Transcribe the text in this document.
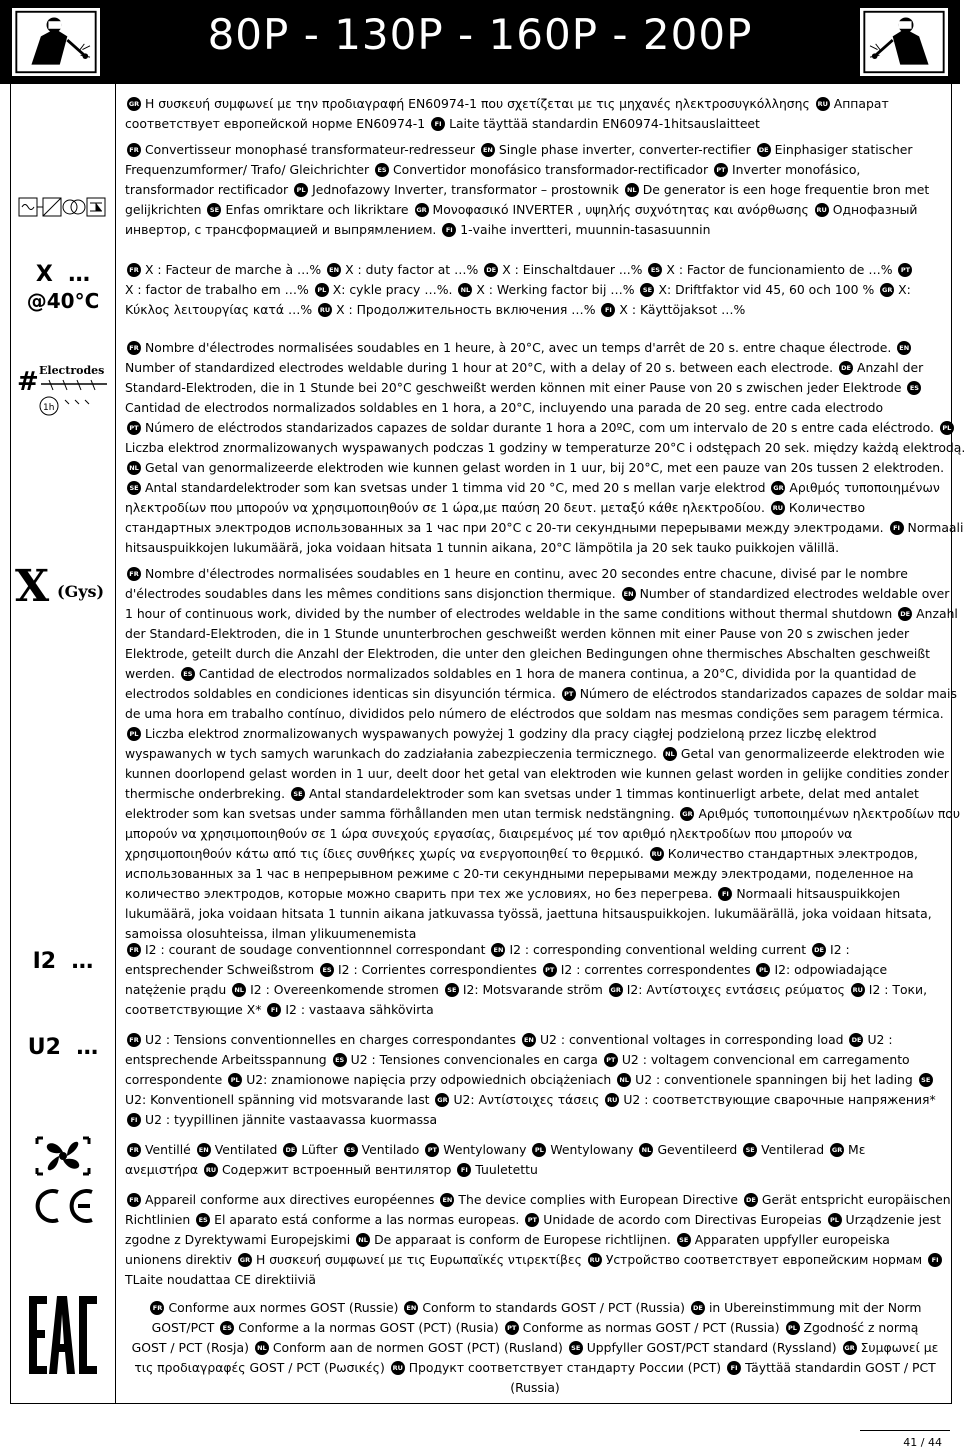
80P - 130P - 160P - 200P
X  …
@40°C
# Electrodes
1h
X (Gys)
I2  …
U2  …
GR Η συσκευή συμφωνεί με την προδιαγραφή EN60974-1 που σχετίζεται με τις μηχανές ηλεκτροσυγκόλλησης RU Аппарат
соответствует европейской норме EN60974-1 FI Laite täyttää standardin EN60974-1hitsauslaitteet
FR Convertisseur monophasé transformateur-redresseur EN Single phase inverter, converter-rectifier DE Einphasiger statischer
Frequenzumformer/ Trafo/ Gleichrichter ES Convertidor monofásico transformador-rectificador PT Inverter monofásico,
transformador rectificador PL Jednofazowy Inverter, transformator – prostownik NL De generator is een hoge frequentie bron met
gelijkrichten SE Enfas omriktare och likriktare GR Μονοφασικό INVERTER , υψηλής συχνότητας και ανόρθωσης RU Однофазный
инвертор, с трансформацией и выпрямлением. FI 1-vaihe invertteri, muunnin-tasasuunnin
FR X : Facteur de marche à …% EN X : duty factor at …% DE X : Einschaltdauer ...% ES X : Factor de funcionamiento de …% PT
X : factor de trabalho em …% PL X: cykle pracy …%. NL X : Werking factor bij …% SE X: Driftfaktor vid 45, 60 och 100 % GR X:
Κύκλος λειτουργίας κατά …% RU X : Продолжительность включения …% FI X : Käyttöjaksot …%
FR Nombre d'électrodes normalisées soudables en 1 heure, à 20°C, avec un temps d'arrêt de 20 s. entre chaque électrode. EN
Number of standardized electrodes weldable during 1 hour at 20°C, with a delay of 20 s. between each electrode. DE Anzahl der
Standard-Elektroden, die in 1 Stunde bei 20°C geschweißt werden können mit einer Pause von 20 s zwischen jeder Elektrode ES
Cantidad de electrodos normalizados soldables en 1 hora, a 20°C, incluyendo una parada de 20 seg. entre cada electrodo
PT Número de eléctrodos standarizados capazes de soldar durante 1 hora a 20ºC, com um intervalo de 20 s entre cada eléctrodo. PL
Liczba elektrod znormalizowanych wyspawanych podczas 1 godziny w temperaturze 20°C i odstępach 20 sek. między każdą elektrodą.
NL Getal van genormalizeerde elektroden wie kunnen gelast worden in 1 uur, bij 20°C, met een pauze van 20s tussen 2 elektroden.
SE Antal standardelektroder som kan svetsas under 1 timma vid 20 °C, med 20 s mellan varje elektrod GR Αριθμός τυποποιημένων
ηλεκτροδίων που μπορούν να χρησιμοποιηθούν σε 1 ώρα,με παύση 20 δευτ. μεταξύ κάθε ηλεκτροδίου. RU Количество
стандартных электродов использованных за 1 час при 20°C с 20-ти секундными перерывами между электродами. FI Normaali
hitsauspuikkojen lukumäärä, joka voidaan hitsata 1 tunnin aikana, 20°C lämpötila ja 20 sek tauko puikkojen välillä.
FR Nombre d'électrodes normalisées soudables en 1 heure en continu, avec 20 secondes entre chacune, divisé par le nombre
d'électrodes soudables dans les mêmes conditions sans disjonction thermique. EN Number of standardized electrodes weldable over
1 hour of continuous work, divided by the number of electrodes weldable in the same conditions without thermal shutdown DE Anzahl
der Standard-Elektroden, die in 1 Stunde ununterbrochen geschweißt werden können mit einer Pause von 20 s zwischen jeder
Elektrode, geteilt durch die Anzahl der Elektroden, die unter den gleichen Bedingungen ohne thermisches Abschalten geschweißt
werden. ES Cantidad de electrodos normalizados soldables en 1 hora de manera continua, a 20°C, dividida por la quantidad de
electrodos soldables en condiciones identicas sin disyunción térmica. PT Número de eléctrodos standarizados capazes de soldar mais
de uma hora em trabalho contínuo, divididos pelo número de eléctrodos que soldam nas mesmas condições sem paragem térmica.
PL Liczba elektrod znormalizowanych wyspawanych powyżej 1 godziny dla pracy ciągłej podzieloną przez liczbę elektrod
wyspawanych w tych samych warunkach do zadziałania zabezpieczenia termicznego. NL Getal van genormalizeerde elektroden wie
kunnen doorlopend gelast worden in 1 uur, deelt door het getal van elektroden wie kunnen gelast worden in gelijke condities zonder
thermische onderbreking. SE Antal standardelektroder som kan svetsas under 1 timmas kontinuerligt arbete, delat med antalet
elektroder som kan svetsas under samma förhållanden men utan termisk nedstängning. GR Αριθμός τυποποιημένων ηλεκτροδίων που
μπορούν να χρησιμοποιηθούν σε 1 ώρα συνεχούς εργασίας, διαιρεμένος μέ τον αριθμό ηλεκτροδίων που μπορούν να
χρησιμοποιηθούν κάτω από τις ίδιες συνθήκες χωρίς να ενεργοποιηθεί το θερμικό. RU Количество стандартных электродов,
использованных за 1 час в непрерывном режиме с 20-ти секундными перерывами между электродами, поделенное на
количество электродов, которые можно сварить при тех же условиях, но без перегрева. FI Normaali hitsauspuikkojen
lukumäärä, joka voidaan hitsata 1 tunnin aikana jatkuvassa työssä, jaettuna hitsauspuikkojen. lukumäärällä, joka voidaan hitsata,
samoissa olosuhteissa, ilman ylikuumenemista
FR I2 : courant de soudage conventionnnel correspondant EN I2 : corresponding conventional welding current DE I2 :
entsprechender Schweißstrom ES I2 : Corrientes correspondientes PT I2 : correntes correspondentes PL I2: odpowiadające
natężenie prądu NL I2 : Overeenkomende stromen SE I2: Motsvarande ström GR I2: Αντίστοιχες εντάσεις ρεύματος RU I2 : Токи,
соответствующие X* FI I2 : vastaava sähkövirta
FR U2 : Tensions conventionnelles en charges correspondantes EN U2 : conventional voltages in corresponding load DE U2 :
entsprechende Arbeitsspannung ES U2 : Tensiones convencionales en carga PT U2 : voltagem convencional em carregamento
correspondente PL U2: znamionowe napięcia przy odpowiednich obciążeniach NL U2 : conventionele spanningen bij het lading SE
U2: Konventionell spänning vid motsvarande last GR U2: Αντίστοιχες τάσεις RU U2 : соответствующие сварочные напряжения*
FI U2 : tyypillinen jännite vastaavassa kuormassa
FR Ventillé EN Ventilated DE Lüfter ES Ventilado PT Wentylowany PL Wentylowany NL Geventileerd SE Ventilerad GR Με
ανεμιστήρα RU Содержит встроенный вентилятор FI Tuuletettu
FR Appareil conforme aux directives européennes EN The device complies with European Directive DE Gerät entspricht europäischen
Richtlinien ES El aparato está conforme a las normas europeas. PT Unidade de acordo com Directivas Europeias PL Urządzenie jest
zgodne z Dyrektywami Europejskimi NL De apparaat is conform de Europese richtlijnen. SE Apparaten uppfyller europeiska
unionens direktiv GR Η συσκευή συμφωνεί με τις Ευρωπαϊκές ντιρεκτίβες RU Устройство соответствует европейским нормам FI
TLaite noudattaa CE direktiiviä
FR Conforme aux normes GOST (Russie) EN Conform to standards GOST / PCT (Russia) DE in Ubereinstimmung mit der Norm
GOST/PCT ES Conforme a la normas GOST (PCT) (Rusia) PT Conforme as normas GOST / PCT (Russia) PL Zgodność z normą
GOST / PCT (Rosja) NL Conform aan de normen GOST (PCT) (Rusland) SE Uppfyller GOST/PCT standard (Ryssland) GR Συμφωνεί με
τις προδιαγραφές GOST / PCT (Ρωσικές) RU Продукт соответствует стандарту России (PCT) FI Täyttää standardin GOST / PCT
(Russia)
41 / 44
